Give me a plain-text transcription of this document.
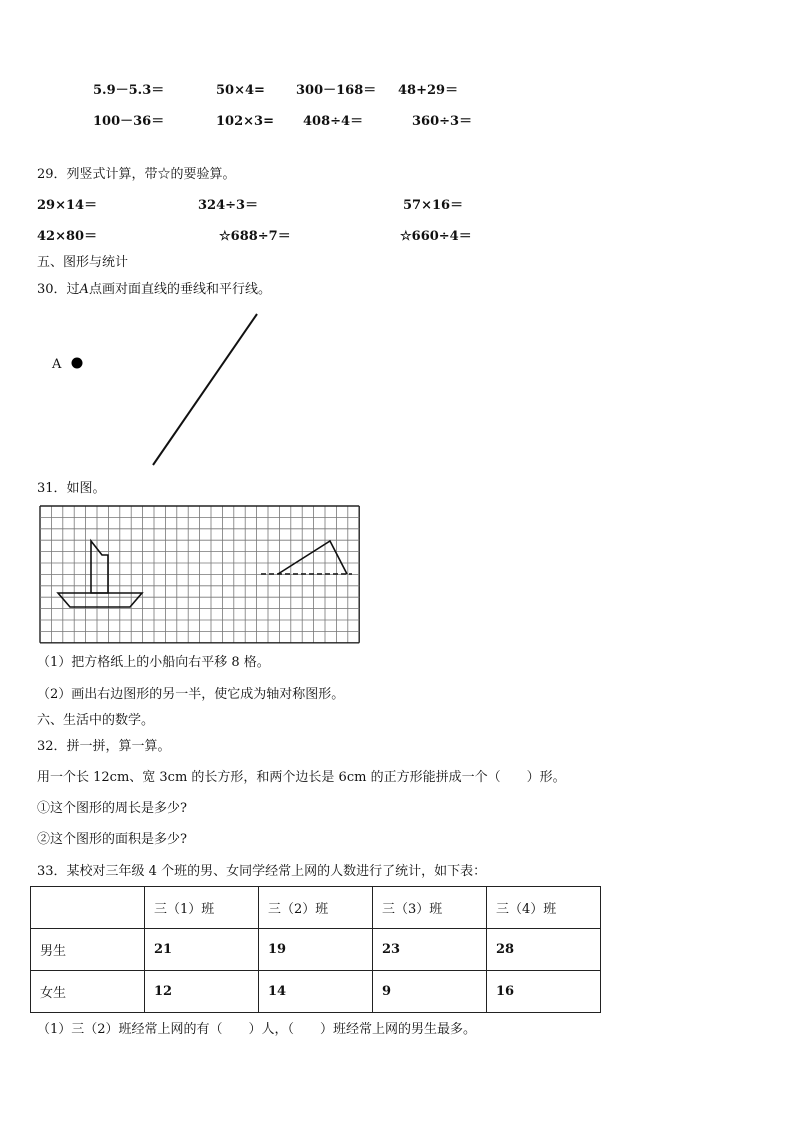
5.9－5.3＝	50×4= 300－168＝ 48+29＝
100－36＝	102×3= 408÷4＝	360÷3＝
29．列竖式计算，带☆的要验算。
29×14＝	324÷3＝	57×16＝
42×80＝	☆688÷7＝	☆660÷4＝
五、图形与统计
30．过A点画对面直线的垂线和平行线。
A
31．如图。
（1）把方格纸上的小船向右平移 8 格。
（2）画出右边图形的另一半，使它成为轴对称图形。
六、生活中的数学。
32．拼一拼，算一算。
用一个长 12cm、宽 3cm 的长方形，和两个边长是 6cm 的正方形能拼成一个（　　）形。
①这个图形的周长是多少?
②这个图形的面积是多少?
33．某校对三年级 4 个班的男、女同学经常上网的人数进行了统计，如下表：
	三（1）班	三（2）班	三（3）班	三（4）班
男生	21	19	23	28
女生	12	14	9	16
（1）三（2）班经常上网的有（　　）人，（　　）班经常上网的男生最多。
